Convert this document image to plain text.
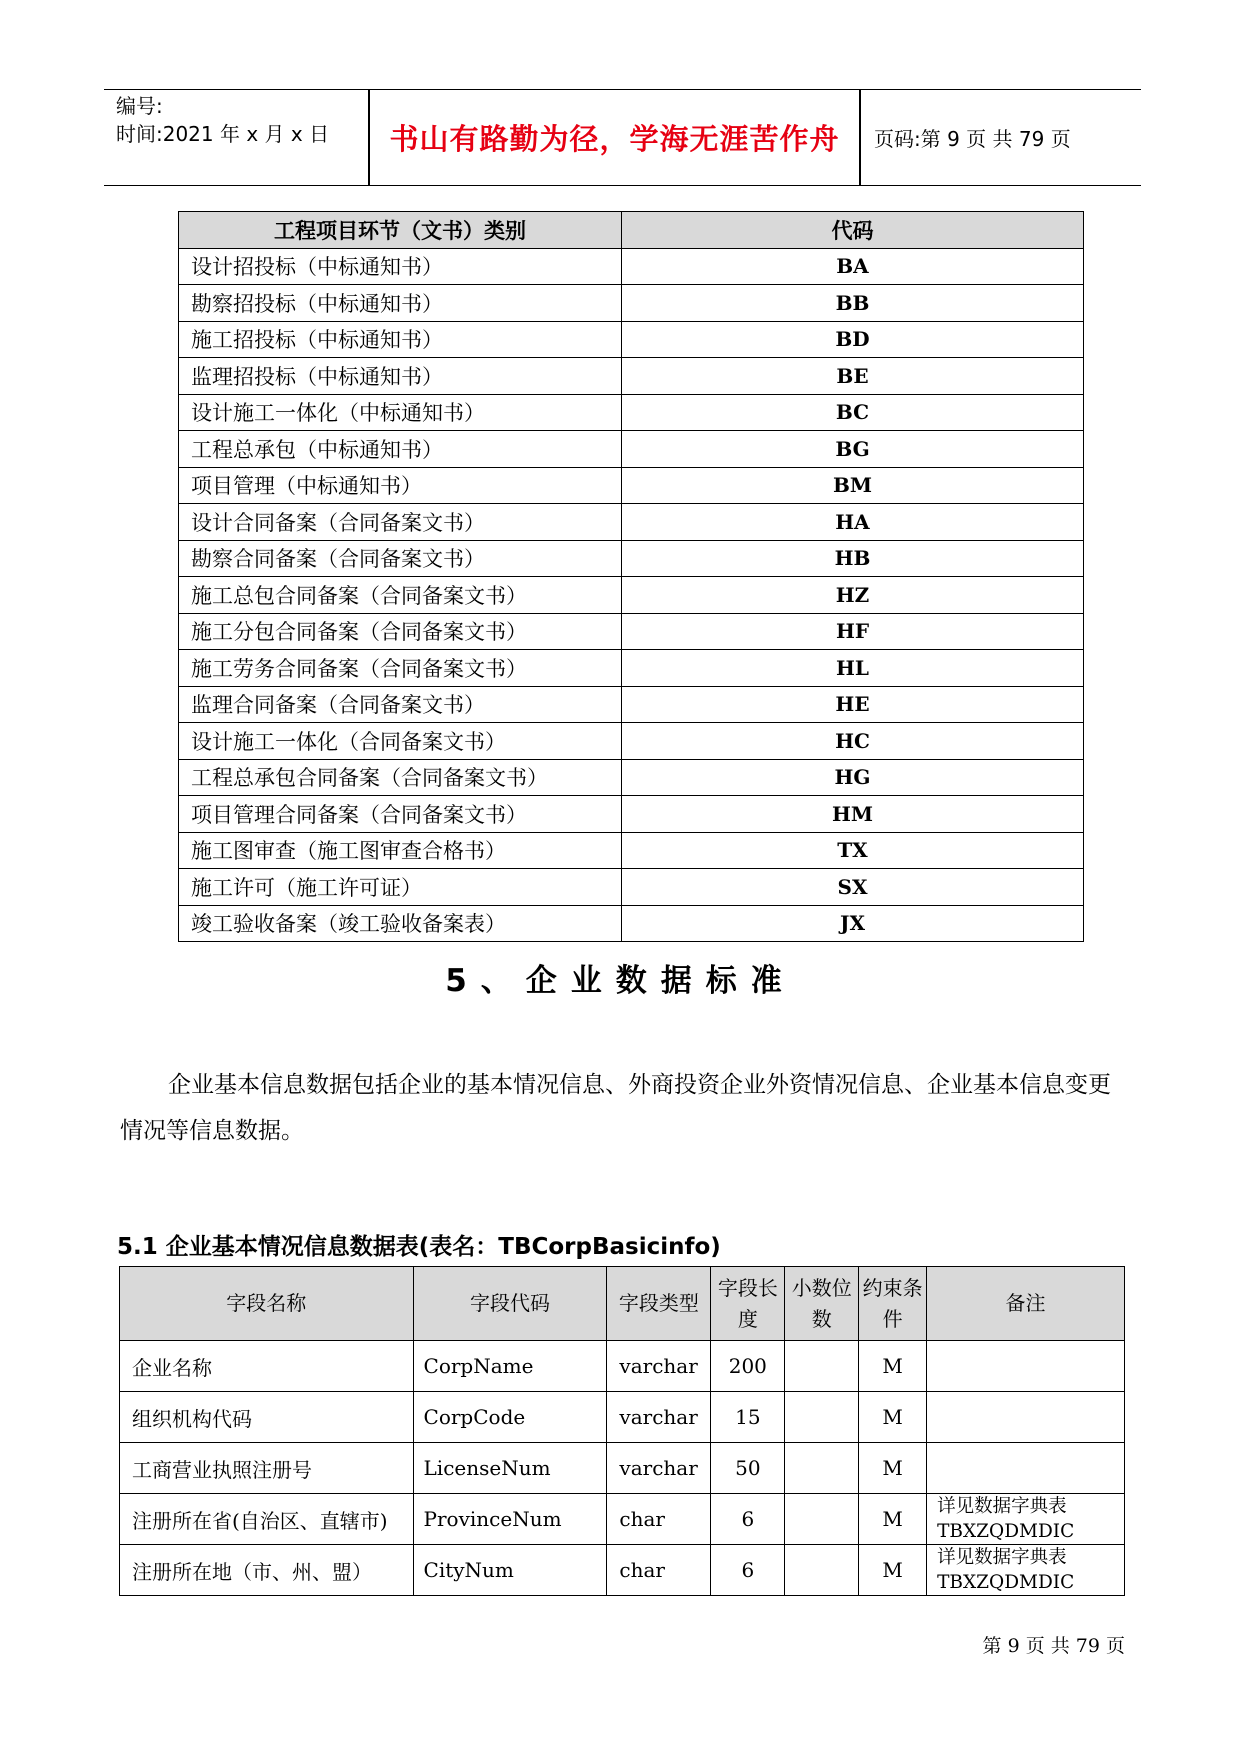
编号:
时间:2021 年 x 月 x 日	书山有路勤为径，学海无涯苦作舟	页码:第 9 页 共 79 页
工程项目环节（文书）类别	代码
设计招投标（中标通知书）	BA
勘察招投标（中标通知书）	BB
施工招投标（中标通知书）	BD
监理招投标（中标通知书）	BE
设计施工一体化（中标通知书）	BC
工程总承包（中标通知书）	BG
项目管理（中标通知书）	BM
设计合同备案（合同备案文书）	HA
勘察合同备案（合同备案文书）	HB
施工总包合同备案（合同备案文书）	HZ
施工分包合同备案（合同备案文书）	HF
施工劳务合同备案（合同备案文书）	HL
监理合同备案（合同备案文书）	HE
设计施工一体化（合同备案文书）	HC
工程总承包合同备案（合同备案文书）	HG
项目管理合同备案（合同备案文书）	HM
施工图审查（施工图审查合格书）	TX
施工许可（施工许可证）	SX
竣工验收备案（竣工验收备案表）	JX
5、企业数据标准
企业基本信息数据包括企业的基本情况信息、外商投资企业外资情况信息、企业基本信息变更情况等信息数据。
5.1 企业基本情况信息数据表(表名：TBCorpBasicinfo)
字段名称	字段代码	字段类型	字段长度	小数位数	约束条件	备注
企业名称	CorpName	varchar	200		M	
组织机构代码	CorpCode	varchar	15		M	
工商营业执照注册号	LicenseNum	varchar	50		M	
注册所在省(自治区、直辖市)	ProvinceNum	char	6		M	详见数据字典表 TBXZQDMDIC
注册所在地（市、州、盟）	CityNum	char	6		M	详见数据字典表 TBXZQDMDIC
第 9 页 共 79 页
